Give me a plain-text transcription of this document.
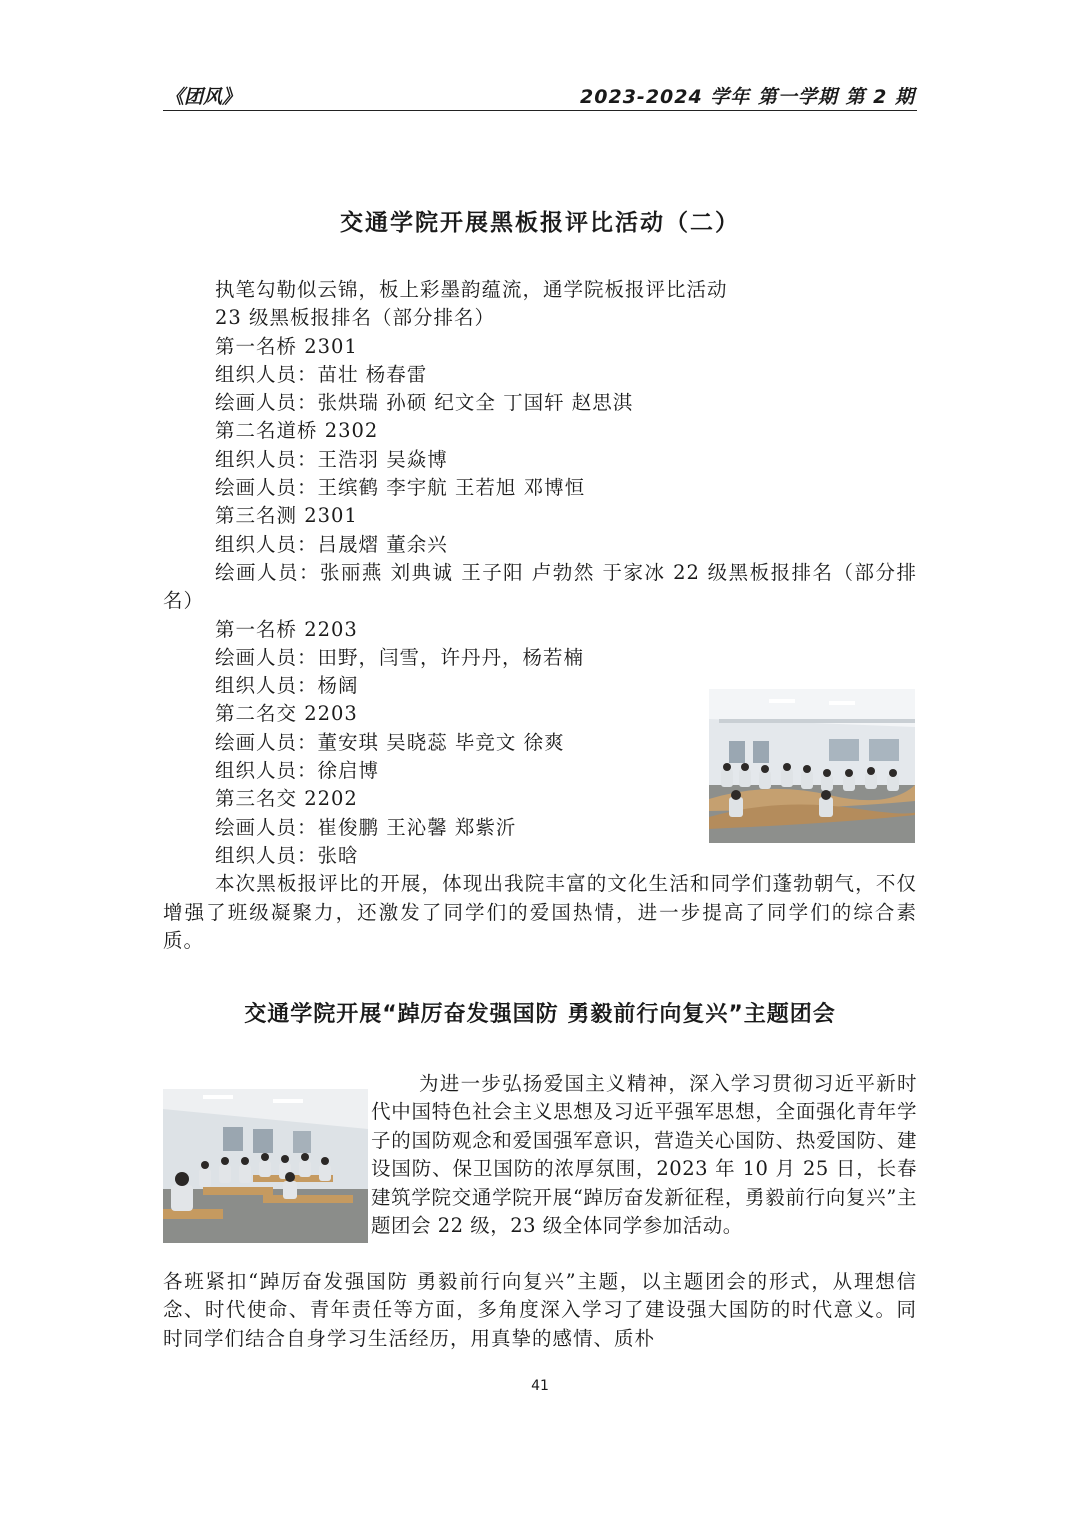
《团风》	2023-2024 学年 第一学期 第 2 期
交通学院开展黑板报评比活动（二）
执笔勾勒似云锦，板上彩墨韵蕴流，通学院板报评比活动
23 级黑板报排名（部分排名）
第一名桥 2301
组织人员：苗壮 杨春雷
绘画人员：张烘瑞 孙硕 纪文全 丁国轩 赵思淇
第二名道桥 2302
组织人员：王浩羽 吴焱博
绘画人员：王缤鹤 李宇航 王若旭 邓博恒
第三名测 2301
组织人员：吕晟熠 董余兴
绘画人员：张丽燕 刘典诚 王子阳 卢勃然 于家冰 22 级黑板报排名（部分排名）
第一名桥 2203
绘画人员：田野，闫雪，许丹丹，杨若楠
组织人员：杨阔
第二名交 2203
绘画人员：董安琪 吴晓蕊 毕竞文 徐爽
组织人员：徐启博
第三名交 2202
绘画人员：崔俊鹏 王沁馨 郑紫沂
组织人员：张晗
本次黑板报评比的开展，体现出我院丰富的文化生活和同学们蓬勃朝气，不仅增强了班级凝聚力，还激发了同学们的爱国热情，进一步提高了同学们的综合素质。
交通学院开展“踔厉奋发强国防 勇毅前行向复兴”主题团会
为进一步弘扬爱国主义精神，深入学习贯彻习近平新时代中国特色社会主义思想及习近平强军思想，全面强化青年学子的国防观念和爱国强军意识，营造关心国防、热爱国防、建设国防、保卫国防的浓厚氛围，2023 年 10 月 25 日，长春建筑学院交通学院开展“踔厉奋发新征程，勇毅前行向复兴”主题团会 22 级，23 级全体同学参加活动。
各班紧扣“踔厉奋发强国防 勇毅前行向复兴”主题，以主题团会的形式，从理想信念、时代使命、青年责任等方面，多角度深入学习了建设强大国防的时代意义。同时同学们结合自身学习生活经历，用真挚的感情、质朴
41
